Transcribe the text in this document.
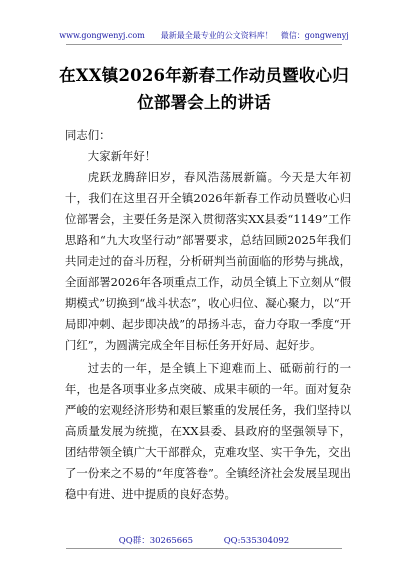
www.gongwenyj.com　　最新最全最专业的公文资料库！　微信：gongwenyj
在XX镇2026年新春工作动员暨收心归
位部署会上的讲话

同志们：

大家新年好！

虎跃龙腾辞旧岁，春风浩荡展新篇。今天是大年初十，我们在这里召开全镇2026年新春工作动员暨收心归位部署会，主要任务是深入贯彻落实XX县委“1149”工作思路和“九大攻坚行动”部署要求，总结回顾2025年我们共同走过的奋斗历程，分析研判当前面临的形势与挑战，全面部署2026年各项重点工作，动员全镇上下立刻从“假期模式”切换到“战斗状态”，收心归位、凝心聚力，以“开局即冲刺、起步即决战”的昂扬斗志，奋力夺取一季度“开门红”，为圆满完成全年目标任务开好局、起好步。

过去的一年，是全镇上下迎难而上、砥砺前行的一年，也是各项事业多点突破、成果丰硕的一年。面对复杂严峻的宏观经济形势和艰巨繁重的发展任务，我们坚持以高质量发展为统揽，在XX县委、县政府的坚强领导下，团结带领全镇广大干部群众，克难攻坚、实干争先，交出了一份来之不易的“年度答卷”。全镇经济社会发展呈现出稳中有进、进中提质的良好态势。

QQ群：30265665	QQ:535304092
